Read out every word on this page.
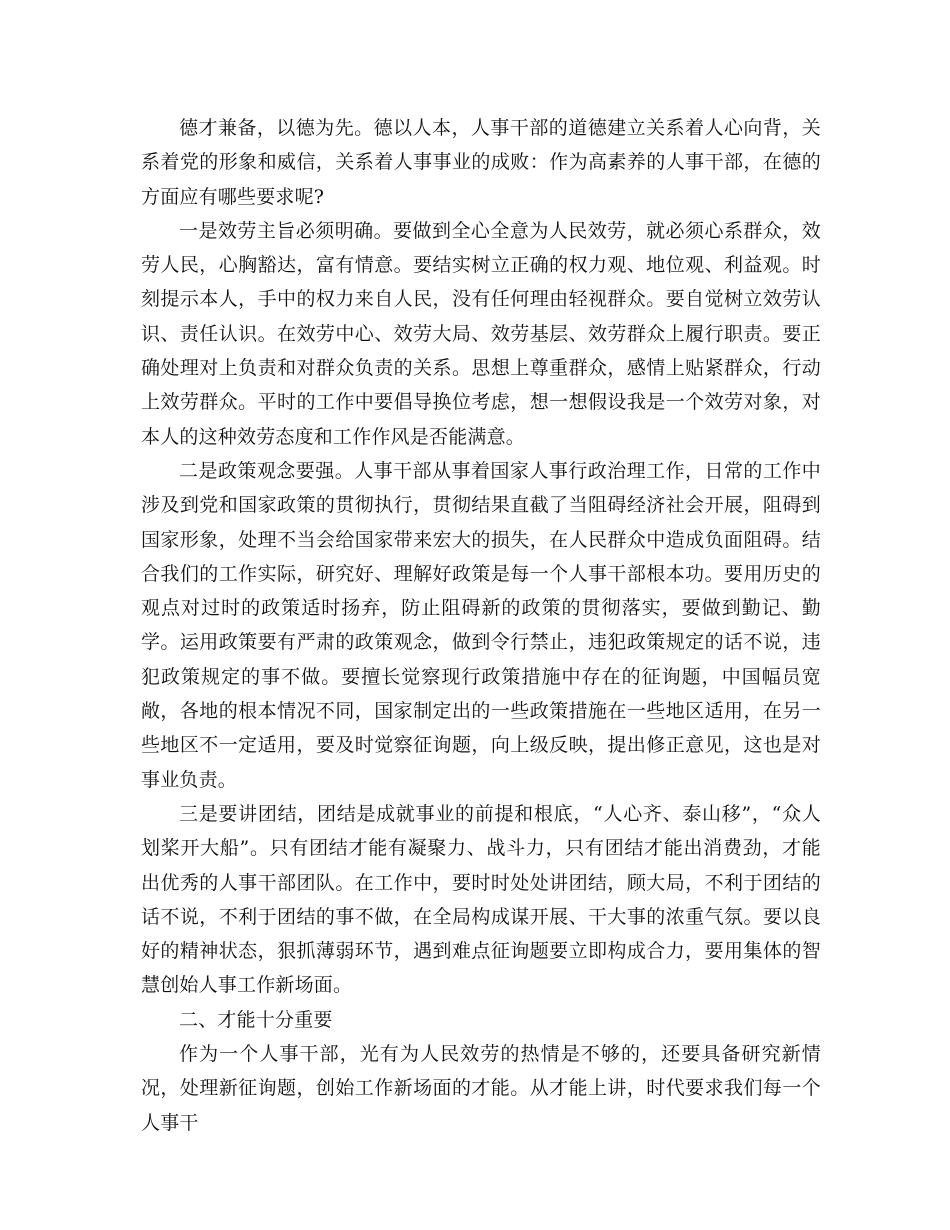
德才兼备，以德为先。德以人本，人事干部的道德建立关系着人心向背，关系着党的形象和威信，关系着人事事业的成败：作为高素养的人事干部，在德的方面应有哪些要求呢?

一是效劳主旨必须明确。要做到全心全意为人民效劳，就必须心系群众，效劳人民，心胸豁达，富有情意。要结实树立正确的权力观、地位观、利益观。时刻提示本人，手中的权力来自人民，没有任何理由轻视群众。要自觉树立效劳认识、责任认识。在效劳中心、效劳大局、效劳基层、效劳群众上履行职责。要正确处理对上负责和对群众负责的关系。思想上尊重群众，感情上贴紧群众，行动上效劳群众。平时的工作中要倡导换位考虑，想一想假设我是一个效劳对象，对本人的这种效劳态度和工作作风是否能满意。

二是政策观念要强。人事干部从事着国家人事行政治理工作，日常的工作中涉及到党和国家政策的贯彻执行，贯彻结果直截了当阻碍经济社会开展，阻碍到国家形象，处理不当会给国家带来宏大的损失，在人民群众中造成负面阻碍。结合我们的工作实际，研究好、理解好政策是每一个人事干部根本功。要用历史的观点对过时的政策适时扬弃，防止阻碍新的政策的贯彻落实，要做到勤记、勤学。运用政策要有严肃的政策观念，做到令行禁止，违犯政策规定的话不说，违犯政策规定的事不做。要擅长觉察现行政策措施中存在的征询题，中国幅员宽敞，各地的根本情况不同，国家制定出的一些政策措施在一些地区适用，在另一些地区不一定适用，要及时觉察征询题，向上级反映，提出修正意见，这也是对事业负责。

三是要讲团结，团结是成就事业的前提和根底，“人心齐、泰山移”，“众人划桨开大船”。只有团结才能有凝聚力、战斗力，只有团结才能出消费劲，才能出优秀的人事干部团队。在工作中，要时时处处讲团结，顾大局，不利于团结的话不说，不利于团结的事不做，在全局构成谋开展、干大事的浓重气氛。要以良好的精神状态，狠抓薄弱环节，遇到难点征询题要立即构成合力，要用集体的智慧创始人事工作新场面。

二、才能十分重要

作为一个人事干部，光有为人民效劳的热情是不够的，还要具备研究新情况，处理新征询题，创始工作新场面的才能。从才能上讲，时代要求我们每一个人事干
